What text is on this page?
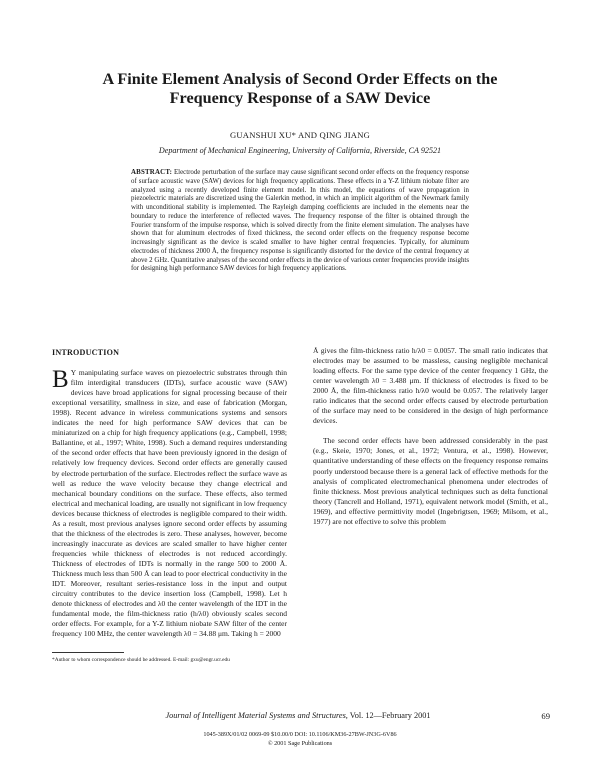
A Finite Element Analysis of Second Order Effects on the
Frequency Response of a SAW Device
GUANSHUI XU* AND QING JIANG
Department of Mechanical Engineering, University of California, Riverside, CA 92521

ABSTRACT: Electrode perturbation of the surface may cause significant second order effects on the frequency response of surface acoustic wave (SAW) devices for high frequency applications. These effects in a Y-Z lithium niobate filter are analyzed using a recently developed finite element model. In this model, the equations of wave propagation in piezoelectric materials are discretized using the Galerkin method, in which an implicit algorithm of the Newmark family with unconditional stability is implemented. The Rayleigh damping coefficients are included in the elements near the boundary to reduce the interference of reflected waves. The frequency response of the filter is obtained through the Fourier transform of the impulse response, which is solved directly from the finite element simulation. The analyses have shown that for aluminum electrodes of fixed thickness, the second order effects on the frequency response become increasingly significant as the device is scaled smaller to have higher central frequencies. Typically, for aluminum electrodes of thickness 2000 Å, the frequency response is significantly distorted for the device of the central frequency at above 2 GHz. Quantitative analyses of the second order effects in the device of various center frequencies provide insights for designing high performance SAW devices for high frequency applications.

INTRODUCTION

B Y manipulating surface waves on piezoelectric substrates through thin film interdigital transducers (IDTs), surface acoustic wave (SAW) devices have broad applications for signal processing because of their exceptional versatility, smallness in size, and ease of fabrication (Morgan, 1998). Recent advance in wireless communications systems and sensors indicates the need for high performance SAW devices that can be miniaturized on a chip for high frequency applications (e.g., Campbell, 1998; Ballantine, et al., 1997; White, 1998). Such a demand requires understanding of the second order effects that have been previously ignored in the design of relatively low frequency devices. Second order effects are generally caused by electrode perturbation of the surface. Electrodes reflect the surface wave as well as reduce the wave velocity because they change electrical and mechanical boundary conditions on the surface. These effects, also termed electrical and mechanical loading, are usually not significant in low frequency devices because thickness of electrodes is negligible compared to their width. As a result, most previous analyses ignore second order effects by assuming that the thickness of the electrodes is zero. These analyses, however, become increasingly inaccurate as devices are scaled smaller to have higher center frequencies while thickness of electrodes is not reduced accordingly. Thickness of electrodes of IDTs is normally in the range 500 to 2000 Å. Thickness much less than 500 Å can lead to poor electrical conductivity in the IDT. Moreover, resultant series-resistance loss in the input and output circuitry contributes to the device insertion loss (Campbell, 1998). Let h denote thickness of electrodes and λ0 the center wavelength of the IDT in the fundamental mode, the film-thickness ratio (h/λ0) obviously scales second order effects. For example, for a Y-Z lithium niobate SAW filter of the center frequency 100 MHz, the center wavelength λ0 = 34.88 μm. Taking h = 2000

Å gives the film-thickness ratio h/λ0 = 0.0057. The small ratio indicates that electrodes may be assumed to be massless, causing negligible mechanical loading effects. For the same type device of the center frequency 1 GHz, the center wavelength λ0 = 3.488 μm. If thickness of electrodes is fixed to be 2000 Å, the film-thickness ratio h/λ0 would be 0.057. The relatively larger ratio indicates that the second order effects caused by electrode perturbation of the surface may need to be considered in the design of high performance devices.

The second order effects have been addressed considerably in the past (e.g., Skeie, 1970; Jones, et al., 1972; Ventura, et al., 1998). However, quantitative understanding of these effects on the frequency response remains poorly understood because there is a general lack of effective methods for the analysis of complicated electromechanical phenomena under electrodes of finite thickness. Most previous analytical techniques such as delta functional theory (Tancrell and Holland, 1971), equivalent network model (Smith, et al., 1969), and effective permittivity model (Ingebrigtsen, 1969; Milsom, et al., 1977) are not effective to solve this problem

*Author to whom correspondence should be addressed. E-mail: gxu@engr.ucr.edu

Journal of Intelligent Material Systems and Structures, Vol. 12—February 2001	69
1045-389X/01/02 0069-09 $10.00/0 DOI: 10.1106/KM36-27BW-JN3G-6V86
© 2001 Sage Publications
